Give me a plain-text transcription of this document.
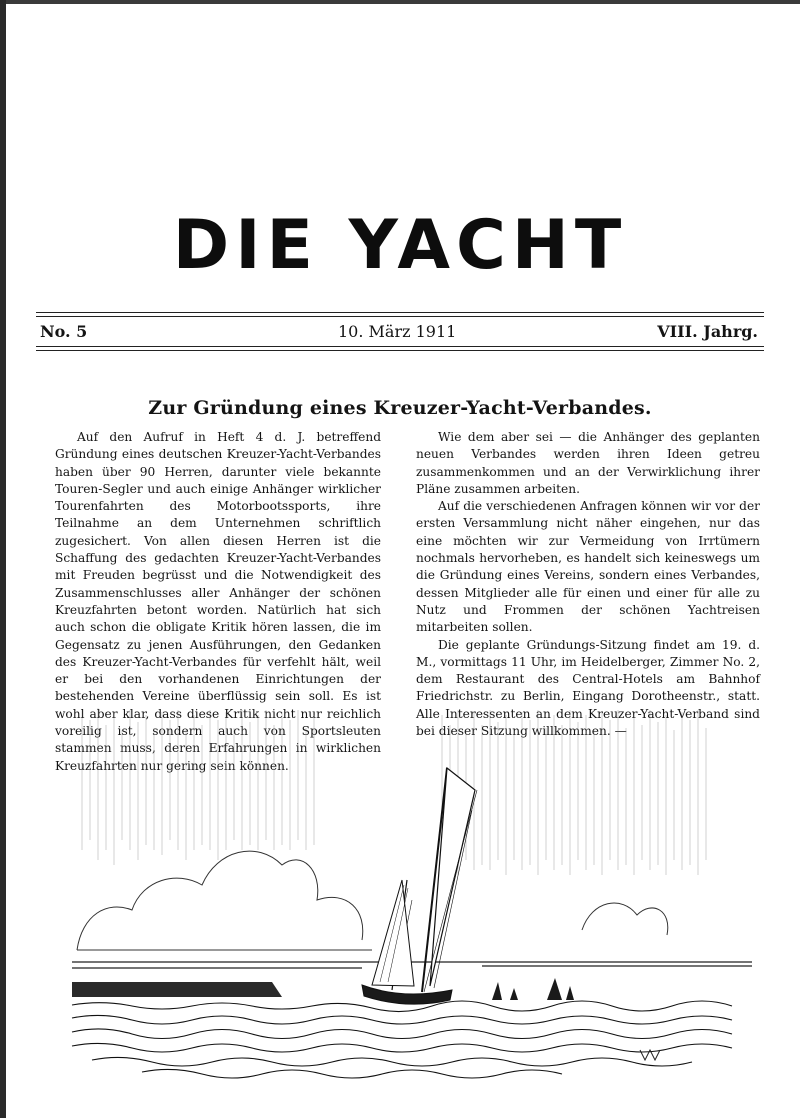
DIE YACHT
No. 5	10. März 1911	VIII. Jahrg.
Zur Gründung eines Kreuzer-Yacht-Verbandes.

Auf den Aufruf in Heft 4 d. J. betreffend Gründung eines deutschen Kreuzer-Yacht-Verbandes haben über 90 Herren, darunter viele bekannte Touren-Segler und auch einige Anhänger wirklicher Tourenfahrten des Motorbootssports, ihre Teilnahme an dem Unternehmen schriftlich zugesichert. Von allen diesen Herren ist die Schaffung des gedachten Kreuzer-Yacht-Verbandes mit Freuden begrüsst und die Notwendigkeit des Zusammenschlusses aller Anhänger der schönen Kreuzfahrten betont worden. Natürlich hat sich auch schon die obligate Kritik hören lassen, die im Gegensatz zu jenen Ausführungen, den Gedanken des Kreuzer-Yacht-Verbandes für verfehlt hält, weil er bei den vorhandenen Einrichtungen der bestehenden Vereine überflüssig sein soll. Es ist wohl aber klar, dass diese Kritik nicht nur reichlich voreilig ist, sondern auch von Sportsleuten stammen muss, deren Erfahrungen in wirklichen Kreuzfahrten nur gering sein können.

Wie dem aber sei — die Anhänger des geplanten neuen Verbandes werden ihren Ideen getreu zusammenkommen und an der Verwirklichung ihrer Pläne zusammen arbeiten.

Auf die verschiedenen Anfragen können wir vor der ersten Versammlung nicht näher eingehen, nur das eine möchten wir zur Vermeidung von Irrtümern nochmals hervorheben, es handelt sich keineswegs um die Gründung eines Vereins, sondern eines Verbandes, dessen Mitglieder alle für einen und einer für alle zu Nutz und Frommen der schönen Yachtreisen mitarbeiten sollen.

Die geplante Gründungs-Sitzung findet am 19. d. M., vormittags 11 Uhr, im Heidelberger, Zimmer No. 2, dem Restaurant des Central-Hotels am Bahnhof Friedrichstr. zu Berlin, Eingang Dorotheenstr., statt. Alle Interessenten an dem Kreuzer-Yacht-Verband sind bei dieser Sitzung willkommen. —
